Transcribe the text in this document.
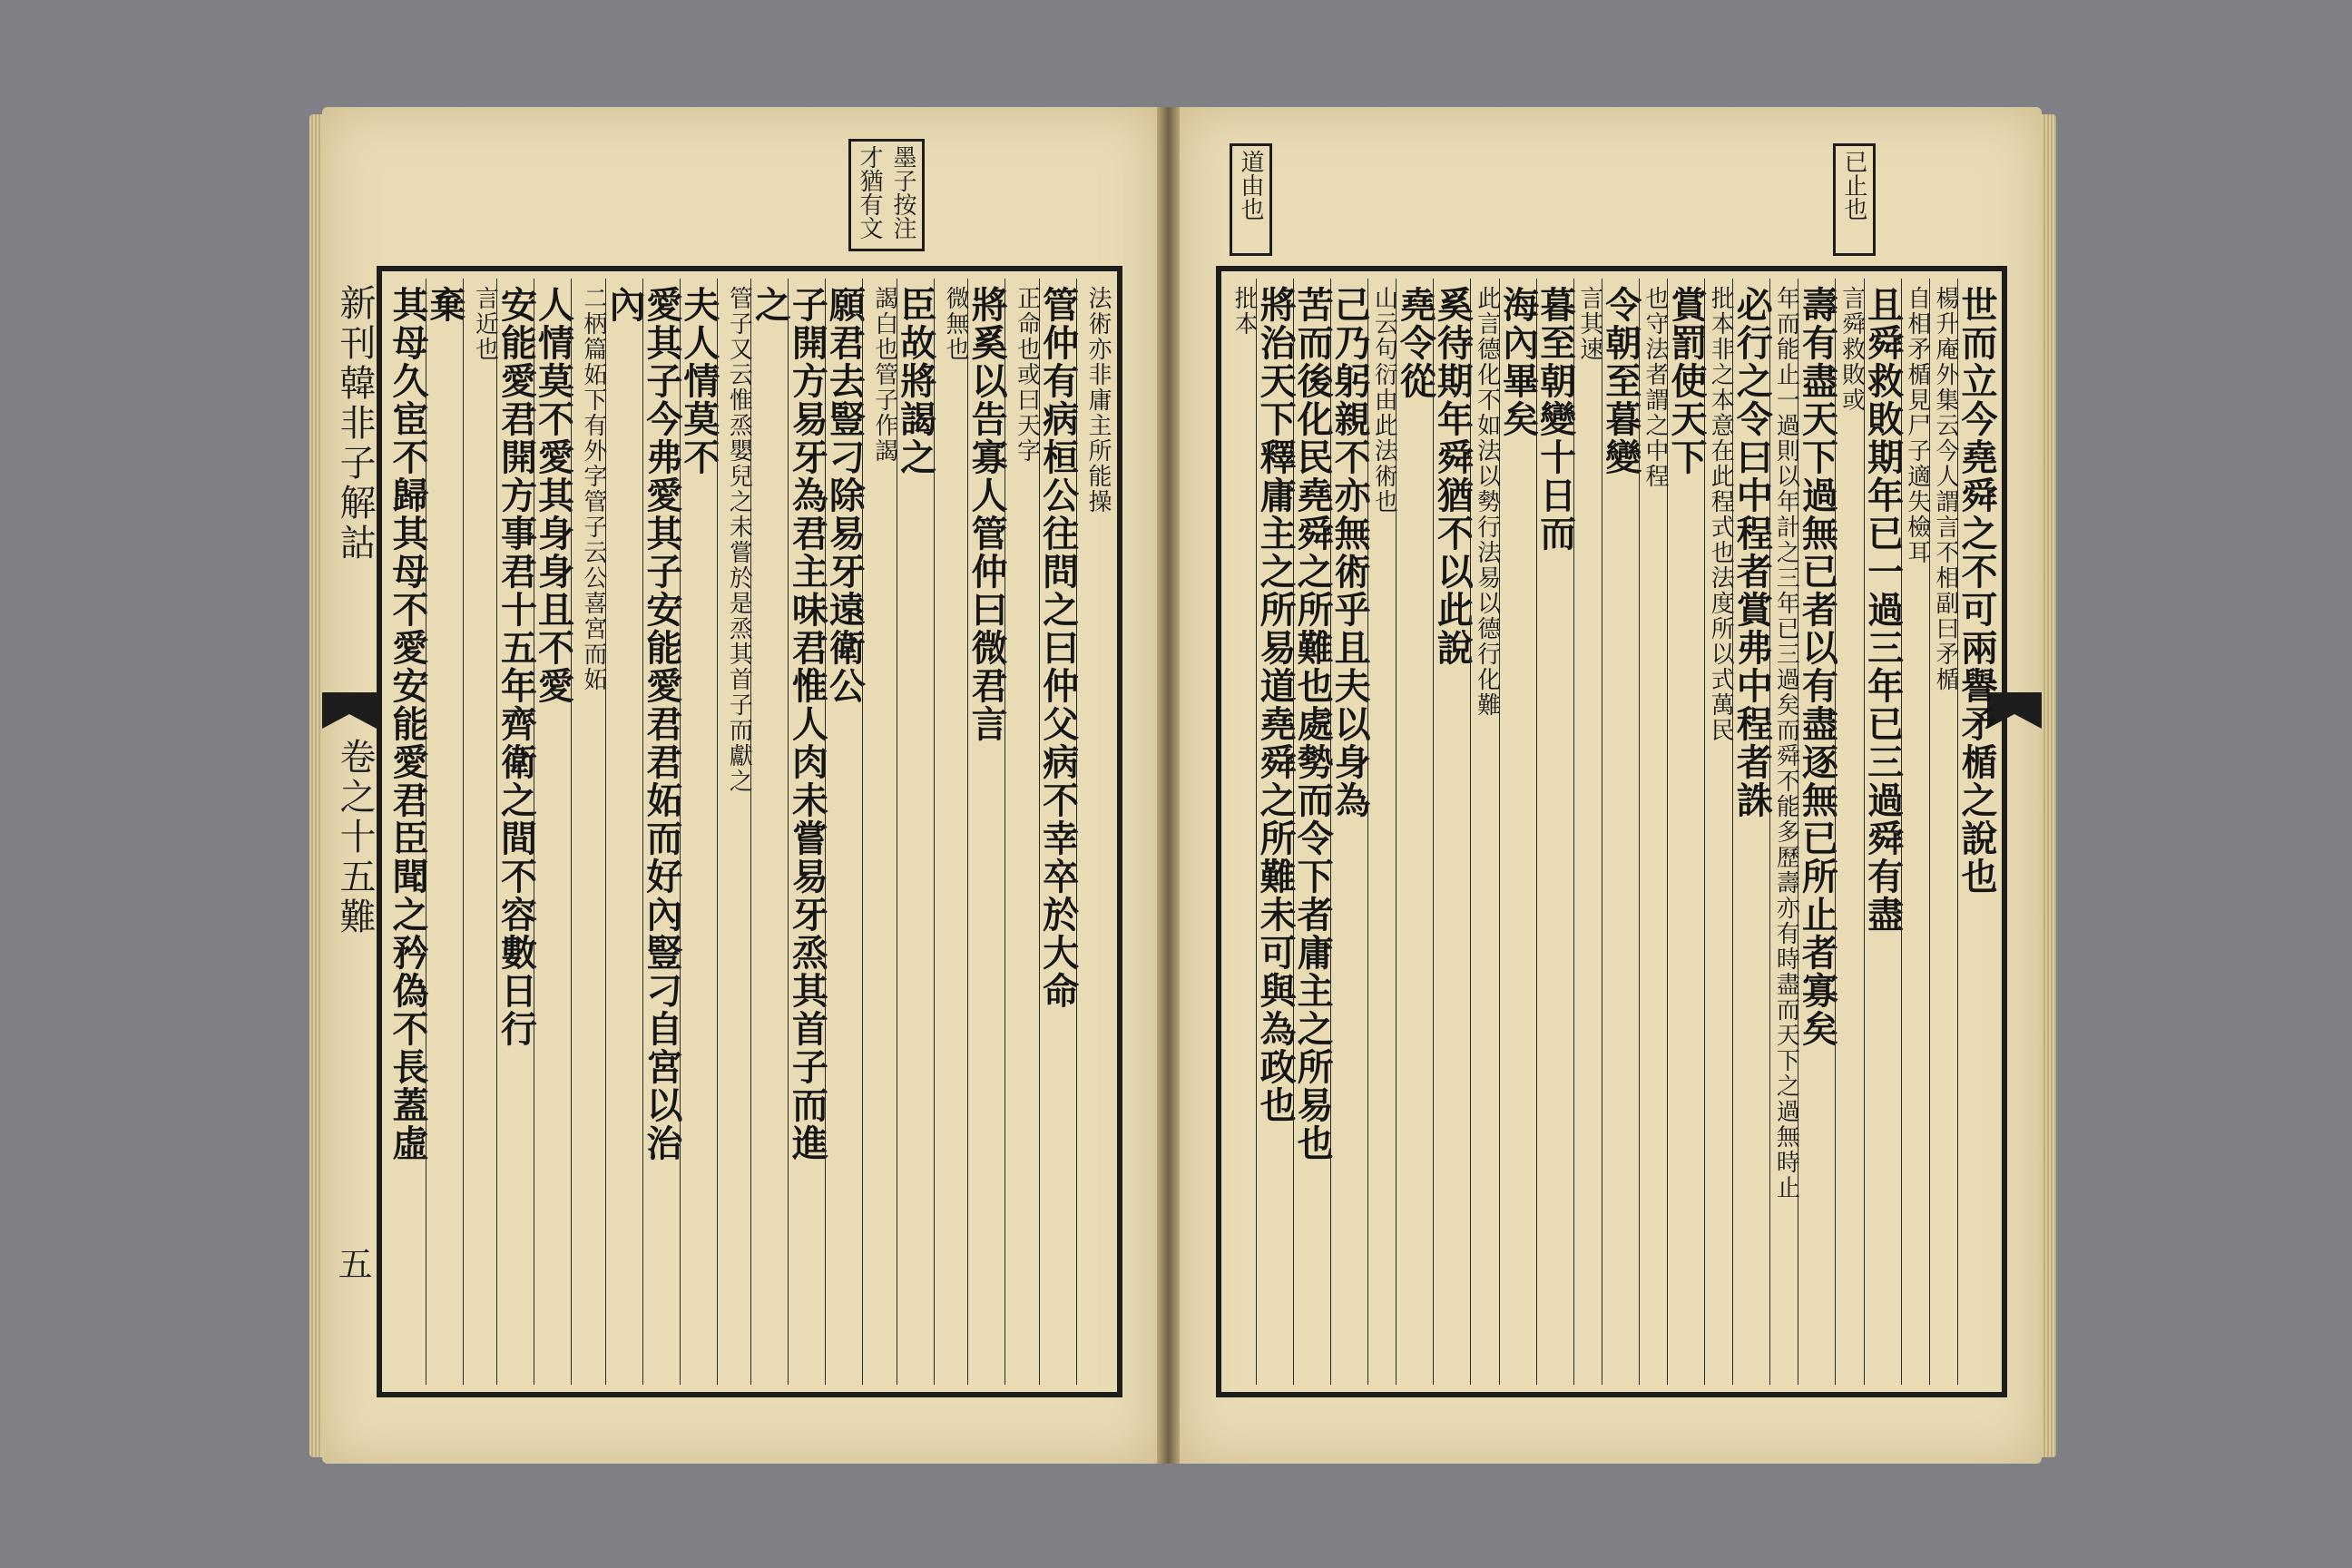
墨子按注才猶有文
新刊韓非子解詁
卷之十五難
五
法術亦非庸主所能操
管仲有病桓公往問之曰仲父病不幸卒於大命
正命也或曰天字
將奚以告寡人管仲曰微君言
微無也
臣故將謁之
謁白也管子作謁
願君去豎刁除易牙遠衛公
子開方易牙為君主味君惟人肉未嘗易牙烝其首子而進
之
管子又云惟烝嬰兒之未嘗於是烝其首子而獻之
夫人情莫不
愛其子今弗愛其子安能愛君君妬而好內豎刁自宮以治
內
二柄篇妬下有外字管子云公喜宮而妬
人情莫不愛其身身且不愛
安能愛君開方事君十五年齊衛之間不容數日行
言近也
棄
其母久宦不歸其母不愛安能愛君臣聞之矜偽不長蓋虛
道由也	已止也
世而立今堯舜之不可兩譽矛楯之說也
楊升庵外集云今人謂言不相副曰矛楯
自相矛楯見尸子適失檢耳
且舜救敗期年已一過三年已三過舜有盡
言舜救敗或
壽有盡天下過無已者以有盡逐無已所止者寡矣
年而能止一過則以年計之三年已三過矣而舜不能多歷壽亦有時盡而天下之過無時止
必行之令曰中程者賞弗中程者誅
批本非之本意在此程式也法度所以式萬民
賞罰使天下
也守法者謂之中程
令朝至暮變
言其速
暮至朝變十日而
海內畢矣
此言德化不如法以勢行法易以德行化難
奚待期年舜猶不以此說
堯令從
山云句衍由此法術也
己乃躬親不亦無術乎且夫以身為
苦而後化民堯舜之所難也處勢而令下者庸主之所易也
將治天下釋庸主之所易道堯舜之所難未可與為政也
批本
